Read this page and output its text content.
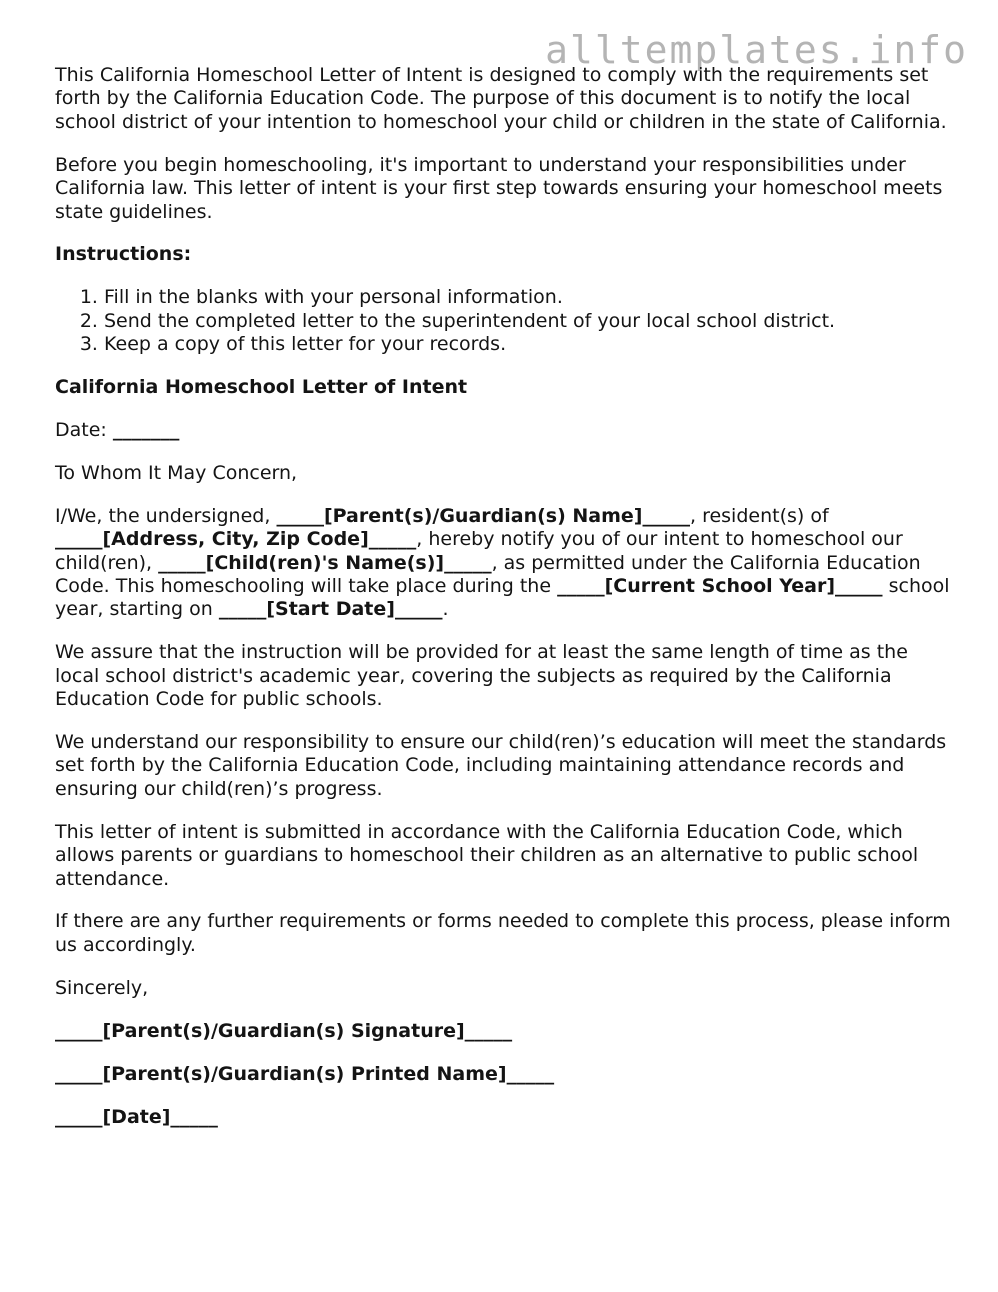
alltemplates.info

This California Homeschool Letter of Intent is designed to comply with the requirements set forth by the California Education Code. The purpose of this document is to notify the local school district of your intention to homeschool your child or children in the state of California.

Before you begin homeschooling, it's important to understand your responsibilities under California law. This letter of intent is your first step towards ensuring your homeschool meets state guidelines.

Instructions:
1. Fill in the blanks with your personal information.
2. Send the completed letter to the superintendent of your local school district.
3. Keep a copy of this letter for your records.
California Homeschool Letter of Intent

Date: _______

To Whom It May Concern,

I/We, the undersigned, _____[Parent(s)/Guardian(s) Name]_____, resident(s) of _____[Address, City, Zip Code]_____, hereby notify you of our intent to homeschool our child(ren), _____[Child(ren)'s Name(s)]_____, as permitted under the California Education Code. This homeschooling will take place during the _____[Current School Year]_____ school year, starting on _____[Start Date]_____.

We assure that the instruction will be provided for at least the same length of time as the local school district's academic year, covering the subjects as required by the California Education Code for public schools.

We understand our responsibility to ensure our child(ren)’s education will meet the standards set forth by the California Education Code, including maintaining attendance records and ensuring our child(ren)’s progress.

This letter of intent is submitted in accordance with the California Education Code, which allows parents or guardians to homeschool their children as an alternative to public school attendance.

If there are any further requirements or forms needed to complete this process, please inform us accordingly.

Sincerely,

_____[Parent(s)/Guardian(s) Signature]_____
_____[Parent(s)/Guardian(s) Printed Name]_____
_____[Date]_____
